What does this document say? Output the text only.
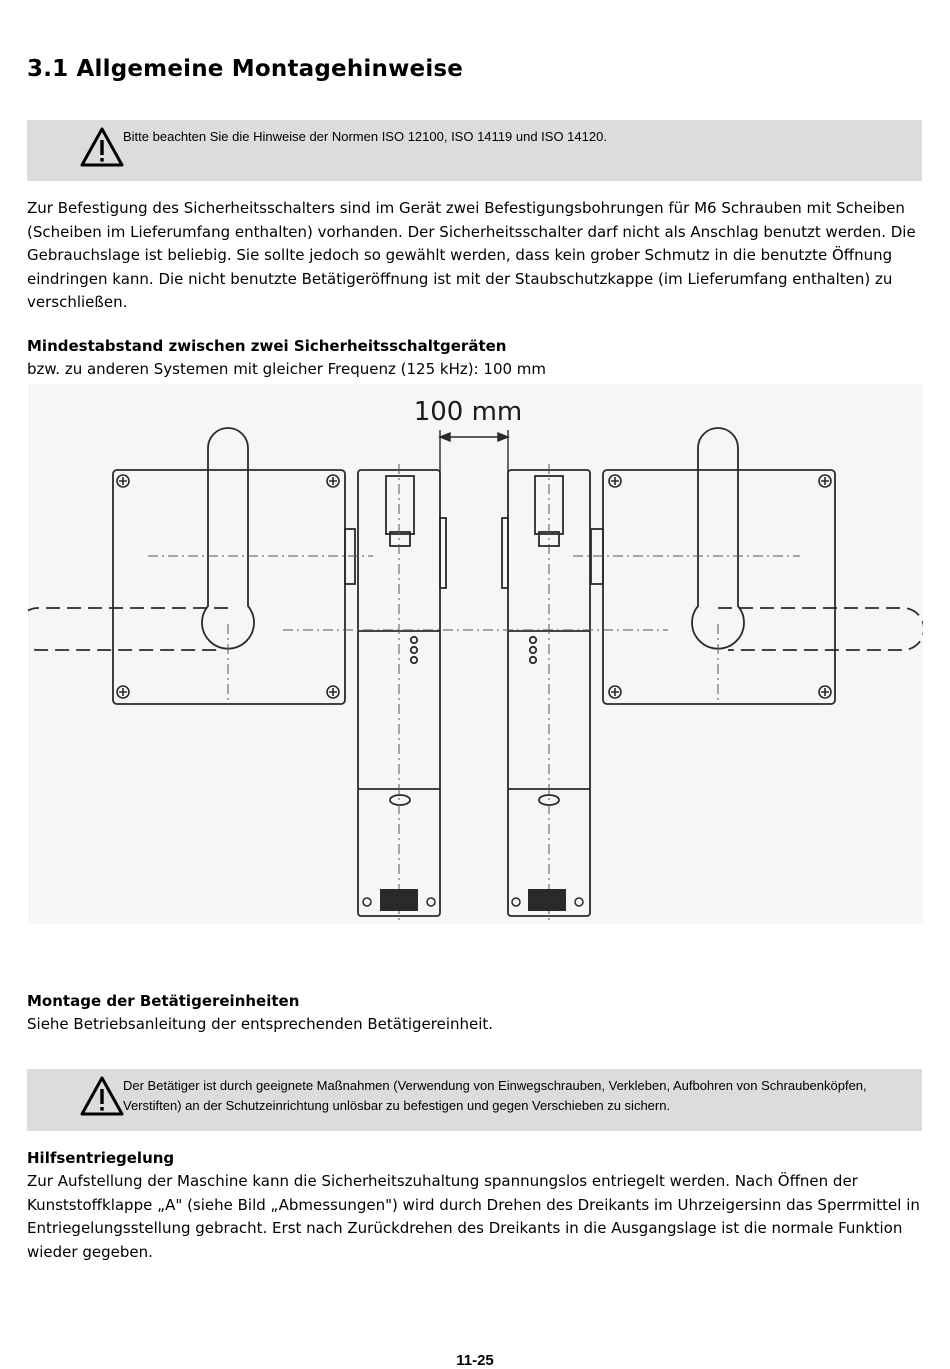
3.1 Allgemeine Montagehinweise
Bitte beachten Sie die Hinweise der Normen ISO 12100, ISO 14119 und ISO 14120.

Zur Befestigung des Sicherheitsschalters sind im Gerät zwei Befestigungsbohrungen für M6 Schrauben mit Scheiben (Scheiben im Lieferumfang enthalten) vorhanden. Der Sicherheitsschalter darf nicht als Anschlag benutzt werden. Die Gebrauchslage ist beliebig. Sie sollte jedoch so gewählt werden, dass kein grober Schmutz in die benutzte Öffnung eindringen kann. Die nicht benutzte Betätigeröffnung ist mit der Staubschutzkappe (im Lieferumfang enthalten) zu verschließen.

Mindestabstand zwischen zwei Sicherheitsschaltgeräten

bzw. zu anderen Systemen mit gleicher Frequenz (125 kHz): 100 mm

100 mm

Montage der Betätigereinheiten

Siehe Betriebsanleitung der entsprechenden Betätigereinheit.

Der Betätiger ist durch geeignete Maßnahmen (Verwendung von Einwegschrauben, Verkleben, Aufbohren von Schraubenköpfen, Verstiften) an der Schutzeinrichtung unlösbar zu befestigen und gegen Verschieben zu sichern.

Hilfsentriegelung

Zur Aufstellung der Maschine kann die Sicherheitszuhaltung spannungslos entriegelt werden. Nach Öffnen der Kunststoffklappe „A" (siehe Bild „Abmessungen") wird durch Drehen des Dreikants im Uhrzeigersinn das Sperrmittel in Entriegelungsstellung gebracht. Erst nach Zurückdrehen des Dreikants in die Ausgangslage ist die normale Funktion wieder gegeben.

11-25
